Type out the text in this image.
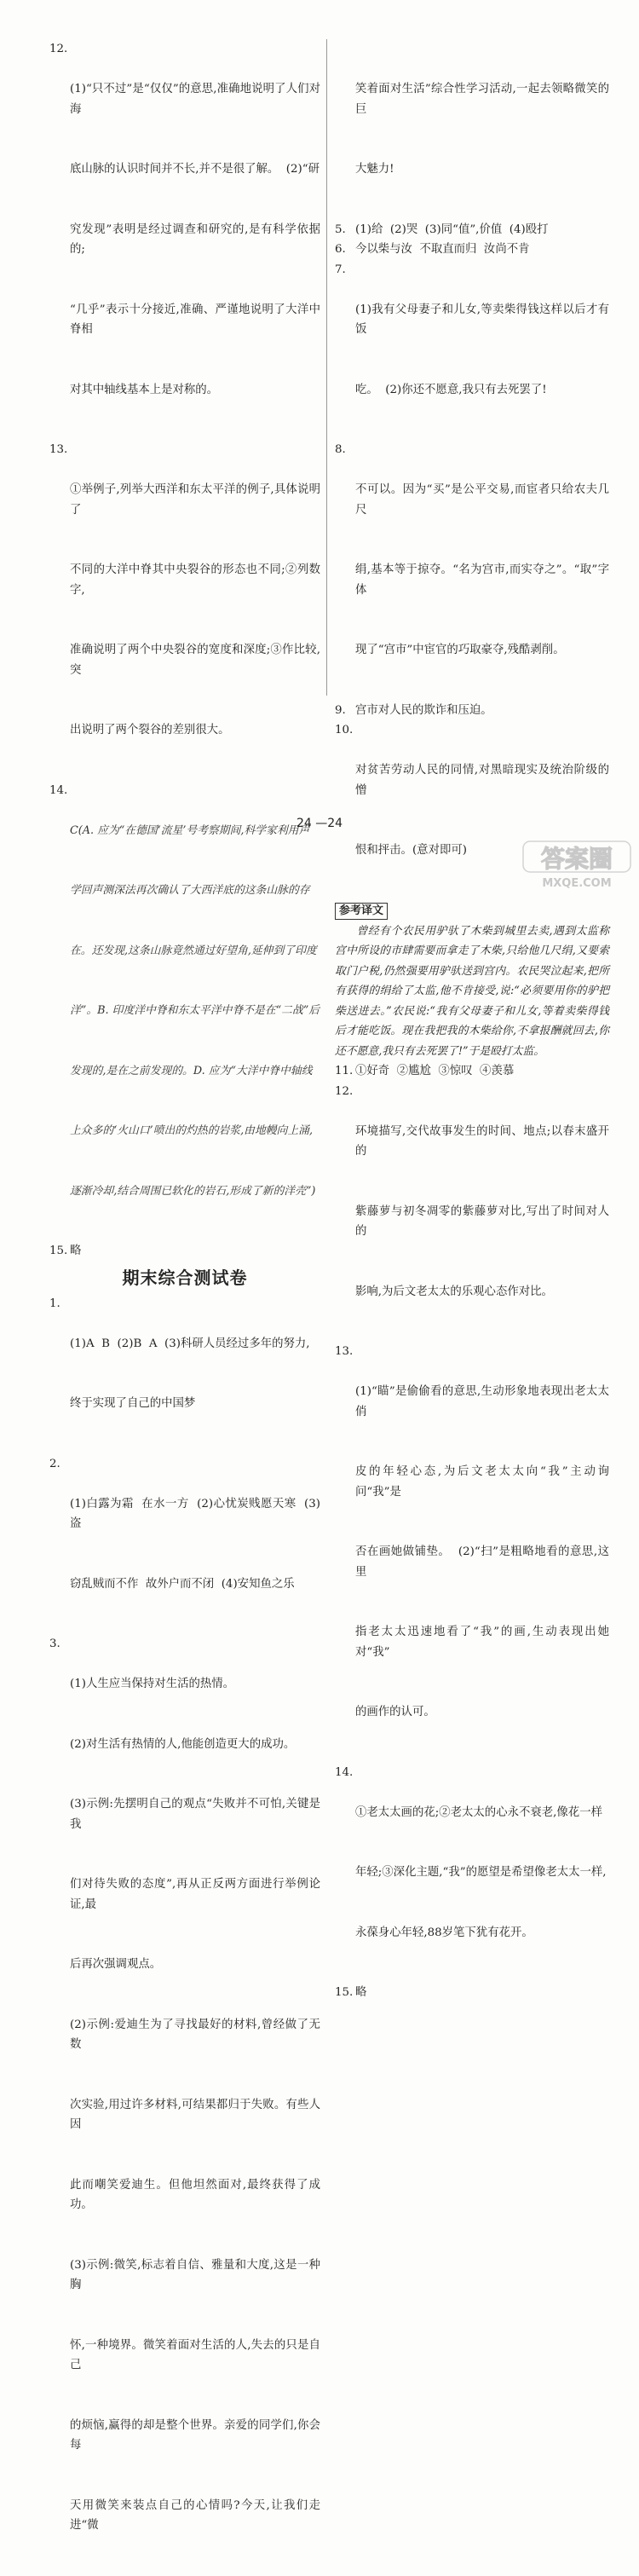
12.

(1)“只不过”是“仅仅”的意思,准确地说明了人们对海

底山脉的认识时间并不长,并不是很了解。  (2)“研

究发现”表明是经过调查和研究的,是有科学依据的;

“几乎”表示十分接近,准确、严谨地说明了大洋中脊相

对其中轴线基本上是对称的。

13.

①举例子,列举大西洋和东太平洋的例子,具体说明了

不同的大洋中脊其中央裂谷的形态也不同;②列数字,

准确说明了两个中央裂谷的宽度和深度;③作比较,突

出说明了两个裂谷的差别很大。

14.

C(A. 应为“在德国‘流星’号考察期间,科学家利用声

学回声测深法再次确认了大西洋底的这条山脉的存

在。还发现,这条山脉竟然通过好望角,延伸到了印度

洋”。B. 印度洋中脊和东太平洋中脊不是在“二战”后

发现的,是在之前发现的。D. 应为“大洋中脊中轴线

上众多的‘火山口’喷出的灼热的岩浆,由地幔向上涌,

逐渐冷却,结合周围已软化的岩石,形成了新的洋壳”)

15. 略
期末综合测试卷
1.

(1)A  B  (2)B  A  (3)科研人员经过多年的努力,

终于实现了自己的中国梦

2.

(1)白露为霜  在水一方  (2)心忧炭贱愿天寒  (3)盗

窃乱贼而不作  故外户而不闭  (4)安知鱼之乐

3.

(1)人生应当保持对生活的热情。

(2)对生活有热情的人,他能创造更大的成功。

(3)示例:先摆明自己的观点“失败并不可怕,关键是我

们对待失败的态度”,再从正反两方面进行举例论证,最

后再次强调观点。

(2)示例:爱迪生为了寻找最好的材料,曾经做了无数

次实验,用过许多材料,可结果都归于失败。有些人因

此而嘲笑爱迪生。但他坦然面对,最终获得了成功。

(3)示例:微笑,标志着自信、雅量和大度,这是一种胸

怀,一种境界。微笑着面对生活的人,失去的只是自己

的烦恼,赢得的却是整个世界。亲爱的同学们,你会每

天用微笑来装点自己的心情吗?今天,让我们走进“微

笑着面对生活”综合性学习活动,一起去领略微笑的巨

大魅力!

5. (1)给  (2)哭  (3)同“值”,价值  (4)殴打
6. 今以柴与汝  不取直而归  汝尚不肯
7.

(1)我有父母妻子和儿女,等卖柴得钱这样以后才有饭

吃。  (2)你还不愿意,我只有去死罢了!

8.

不可以。因为“买”是公平交易,而宦者只给农夫几尺

绢,基本等于掠夺。“名为宫市,而实夺之”。“取”字体

现了“宫市”中宦官的巧取豪夺,残酷剥削。

9. 宫市对人民的欺诈和压迫。
10.

对贫苦劳动人民的同情,对黑暗现实及统治阶级的憎

恨和抨击。(意对即可)

参考译文
曾经有个农民用驴驮了木柴到城里去卖,遇到太监称宫中所设的市肆需要而拿走了木柴,只给他几尺绢,又要索取门户税,仍然强要用驴驮送到宫内。农民哭泣起来,把所有获得的绢给了太监,他不肯接受,说:“必须要用你的驴把柴送进去。”农民说:“我有父母妻子和儿女,等着卖柴得钱后才能吃饭。现在我把我的木柴给你,不拿报酬就回去,你还不愿意,我只有去死罢了!”于是殴打太监。
11. ①好奇  ②尴尬  ③惊叹  ④羡慕
12.

环境描写,交代故事发生的时间、地点;以春末盛开的

紫藤萝与初冬凋零的紫藤萝对比,写出了时间对人的

影响,为后文老太太的乐观心态作对比。

13.

(1)“瞄”是偷偷看的意思,生动形象地表现出老太太俏

皮的年轻心态,为后文老太太向“我”主动询问“我”是

否在画她做铺垫。  (2)“扫”是粗略地看的意思,这里

指老太太迅速地看了“我”的画,生动表现出她对“我”

的画作的认可。

14.

①老太太画的花;②老太太的心永不衰老,像花一样

年轻;③深化主题,“我”的愿望是希望像老太太一样,

永葆身心年轻,88岁笔下犹有花开。

15. 略
24 —24
答案圈
MXQE.COM
